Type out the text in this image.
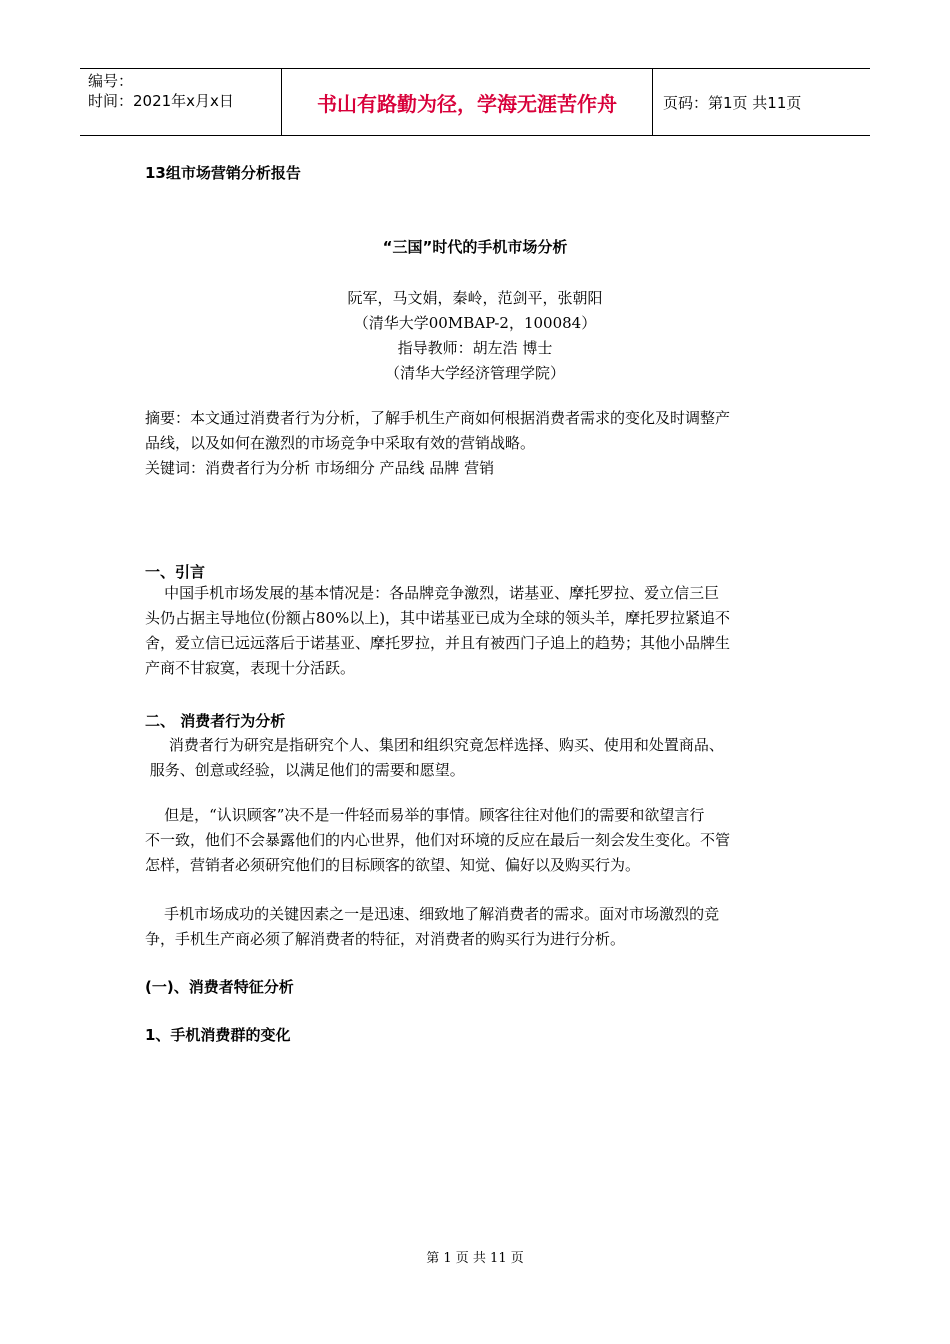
编号：
时间：2021年x月x日	书山有路勤为径，学海无涯苦作舟	页码：第1页 共11页
13组市场营销分析报告
“三国”时代的手机市场分析
阮军，马文娟，秦岭，范剑平，张朝阳
（清华大学00MBAP-2，100084）
指导教师：胡左浩 博士
（清华大学经济管理学院）
摘要：本文通过消费者行为分析，了解手机生产商如何根据消费者需求的变化及时调整产
品线，以及如何在激烈的市场竞争中采取有效的营销战略。
关键词：消费者行为分析 市场细分 产品线 品牌 营销
一、引言
中国手机市场发展的基本情况是：各品牌竞争激烈，诺基亚、摩托罗拉、爱立信三巨
头仍占据主导地位(份额占80%以上)，其中诺基亚已成为全球的领头羊，摩托罗拉紧追不
舍，爱立信已远远落后于诺基亚、摩托罗拉，并且有被西门子追上的趋势；其他小品牌生
产商不甘寂寞，表现十分活跃。
二、 消费者行为分析
消费者行为研究是指研究个人、集团和组织究竟怎样选择、购买、使用和处置商品、
服务、创意或经验，以满足他们的需要和愿望。
但是，“认识顾客”决不是一件轻而易举的事情。顾客往往对他们的需要和欲望言行
不一致，他们不会暴露他们的内心世界，他们对环境的反应在最后一刻会发生变化。不管
怎样，营销者必须研究他们的目标顾客的欲望、知觉、偏好以及购买行为。
手机市场成功的关键因素之一是迅速、细致地了解消费者的需求。面对市场激烈的竞
争，手机生产商必须了解消费者的特征，对消费者的购买行为进行分析。
(一)、消费者特征分析
1、手机消费群的变化
第 1 页 共 11 页
